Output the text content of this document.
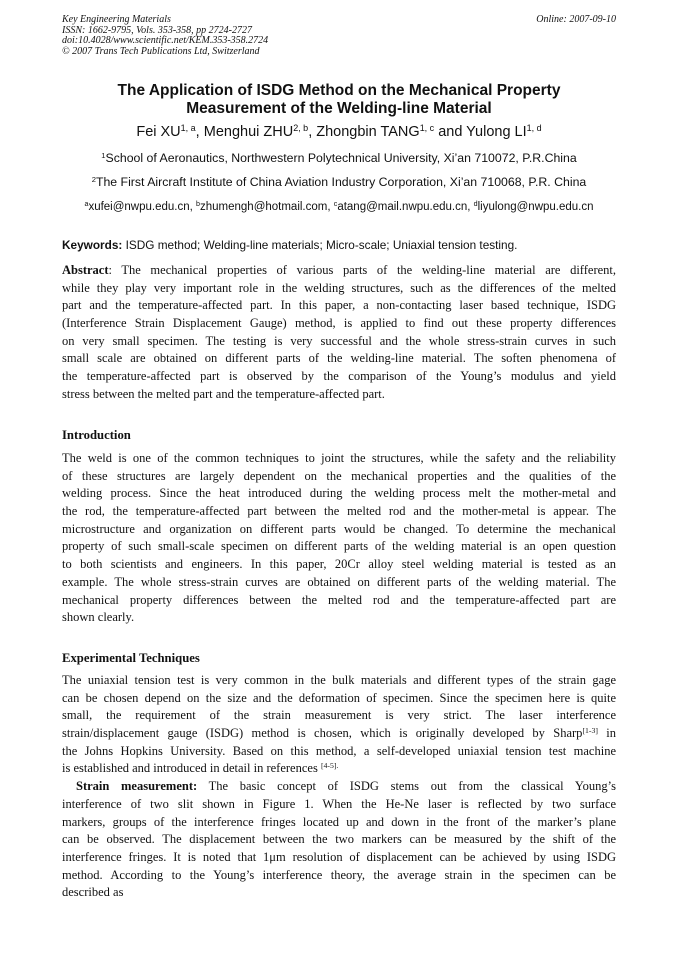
Key Engineering Materials
ISSN: 1662-9795, Vols. 353-358, pp 2724-2727
doi:10.4028/www.scientific.net/KEM.353-358.2724
© 2007 Trans Tech Publications Ltd, Switzerland
Online: 2007-09-10
The Application of ISDG Method on the Mechanical Property
Measurement of the Welding-line Material
Fei XU$^{1, a}$, Menghui ZHU$^{2, b}$, Zhongbin TANG$^{1, c}$ and Yulong LI$^{1, d}$
$^1$School of Aeronautics, Northwestern Polytechnical University, Xi’an 710072, P.R.China
$^2$The First Aircraft Institute of China Aviation Industry Corporation, Xi’an 710068, P.R. China
$^a$xufei@nwpu.edu.cn, $^b$zhumengh@hotmail.com, $^c$atang@mail.nwpu.edu.cn, $^d$liyulong@nwpu.edu.cn
Keywords: ISDG method; Welding-line materials; Micro-scale; Uniaxial tension testing.
Abstract: The mechanical properties of various parts of the welding-line material are different,
while they play very important role in the welding structures, such as the differences of the melted
part and the temperature-affected part. In this paper, a non-contacting laser based technique, ISDG
(Interference Strain Displacement Gauge) method, is applied to find out these property differences
on very small specimen. The testing is very successful and the whole stress-strain curves in such
small scale are obtained on different parts of the welding-line material. The soften phenomena of
the temperature-affected part is observed by the comparison of the Young’s modulus and yield
stress between the melted part and the temperature-affected part.
Introduction
The weld is one of the common techniques to joint the structures, while the safety and the reliability
of these structures are largely dependent on the mechanical properties and the qualities of the
welding process. Since the heat introduced during the welding process melt the mother-metal and
the rod, the temperature-affected part between the melted rod and the mother-metal is appear. The
microstructure and organization on different parts would be changed. To determine the mechanical
property of such small-scale specimen on different parts of the welding material is an open question
to both scientists and engineers. In this paper, 20Cr alloy steel welding material is tested as an
example. The whole stress-strain curves are obtained on different parts of the welding material. The
mechanical property differences between the melted rod and the temperature-affected part are
shown clearly.
Experimental Techniques
The uniaxial tension test is very common in the bulk materials and different types of the strain gage
can be chosen depend on the size and the deformation of specimen. Since the specimen here is quite
small, the requirement of the strain measurement is very strict. The laser interference
strain/displacement gauge (ISDG) method is chosen, which is originally developed by Sharp[1-3] in
the Johns Hopkins University. Based on this method, a self-developed uniaxial tension test machine
is established and introduced in detail in references $^{[4-5].}$
Strain measurement: The basic concept of ISDG stems out from the classical Young’s
interference of two slit shown in Figure 1. When the He-Ne laser is reflected by two surface
markers, groups of the interference fringes located up and down in the front of the marker’s plane
can be observed. The displacement between the two markers can be measured by the shift of the
interference fringes. It is noted that 1μm resolution of displacement can be achieved by using ISDG
method. According to the Young’s interference theory, the average strain in the specimen can be
described as
